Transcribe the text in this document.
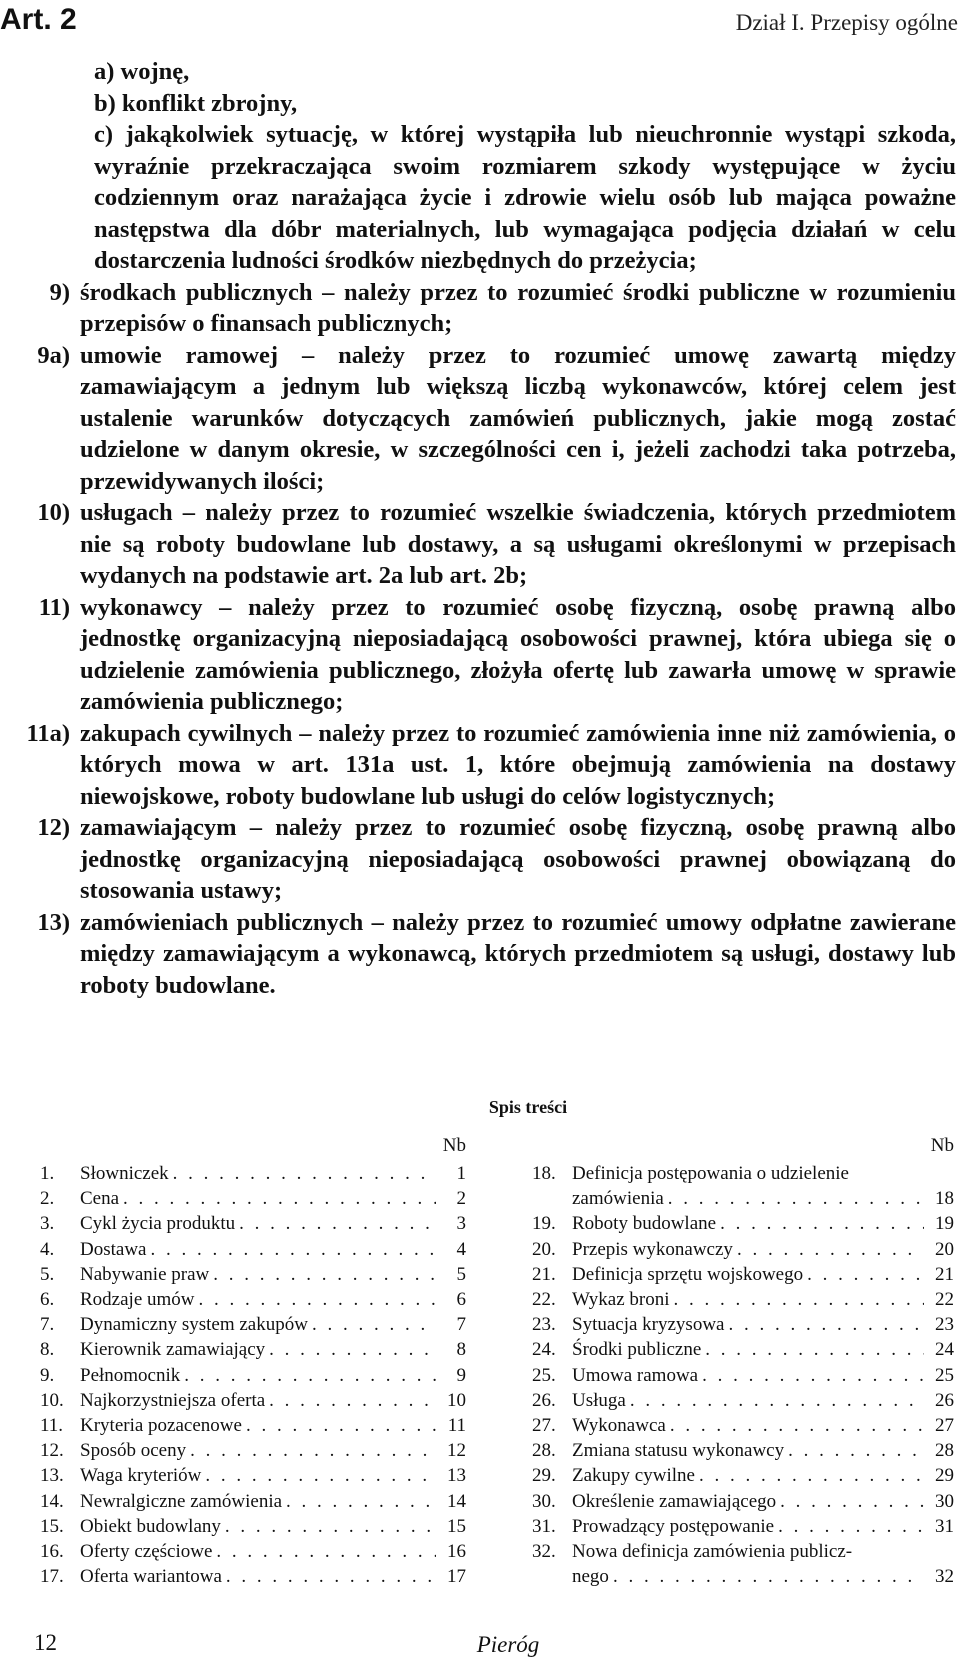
Art. 2	Dział I. Przepisy ogólne
a) wojnę,
b) konflikt zbrojny,
c) jakąkolwiek sytuację, w której wystąpiła lub nieuchronnie wystąpi szkoda, wyraźnie przekraczająca swoim rozmiarem szkody występujące w życiu codziennym oraz narażająca życie i zdrowie wielu osób lub mająca poważne następstwa dla dóbr materialnych, lub wymagająca podjęcia działań w celu dostarczenia ludności środków niezbędnych do przeżycia;
9) środkach publicznych – należy przez to rozumieć środki publiczne w rozumieniu przepisów o finansach publicznych;
9a) umowie ramowej – należy przez to rozumieć umowę zawartą między zamawiającym a jednym lub większą liczbą wykonawców, której celem jest ustalenie warunków dotyczących zamówień publicznych, jakie mogą zostać udzielone w danym okresie, w szczególności cen i, jeżeli zachodzi taka potrzeba, przewidywanych ilości;
10) usługach – należy przez to rozumieć wszelkie świadczenia, których przedmiotem nie są roboty budowlane lub dostawy, a są usługami określonymi w przepisach wydanych na podstawie art. 2a lub art. 2b;
11) wykonawcy – należy przez to rozumieć osobę fizyczną, osobę prawną albo jednostkę organizacyjną nieposiadającą osobowości prawnej, która ubiega się o udzielenie zamówienia publicznego, złożyła ofertę lub zawarła umowę w sprawie zamówienia publicznego;
11a) zakupach cywilnych – należy przez to rozumieć zamówienia inne niż zamówienia, o których mowa w art. 131a ust. 1, które obejmują zamówienia na dostawy niewojskowe, roboty budowlane lub usługi do celów logistycznych;
12) zamawiającym – należy przez to rozumieć osobę fizyczną, osobę prawną albo jednostkę organizacyjną nieposiadającą osobowości prawnej obowiązaną do stosowania ustawy;
13) zamówieniach publicznych – należy przez to rozumieć umowy odpłatne zawierane między zamawiającym a wykonawcą, których przedmiotem są usługi, dostawy lub roboty budowlane.
Spis treści
Nb
1.	Słowniczek . . .	1
2.	Cena . . .	2
3.	Cykl życia produktu . . .	3
4.	Dostawa . . .	4
5.	Nabywanie praw . . .	5
6.	Rodzaje umów . . .	6
7.	Dynamiczny system zakupów . . .	7
8.	Kierownik zamawiający . . .	8
9.	Pełnomocnik . . .	9
10. Najkorzystniejsza oferta . . .	10
11. Kryteria pozacenowe . . .	11
12. Sposób oceny . . .	12
13. Waga kryteriów . . .	13
14. Newralgiczne zamówienia . . .	14
15. Obiekt budowlany . . .	15
16. Oferty częściowe . . .	16
17. Oferta wariantowa . . .	17
Nb
18. Definicja postępowania o udzielenie
zamówienia . . .	18
19. Roboty budowlane . . .	19
20. Przepis wykonawczy . . .	20
21. Definicja sprzętu wojskowego . . .	21
22. Wykaz broni . . .	22
23. Sytuacja kryzysowa . . .	23
24. Środki publiczne . . .	24
25. Umowa ramowa . . .	25
26. Usługa . . .	26
27. Wykonawca . . .	27
28. Zmiana statusu wykonawcy . . .	28
29. Zakupy cywilne . . .	29
30. Określenie zamawiającego . . .	30
31. Prowadzący postępowanie . . .	31
32. Nowa definicja zamówienia publicz-
nego . . .	32
12	Pieróg
